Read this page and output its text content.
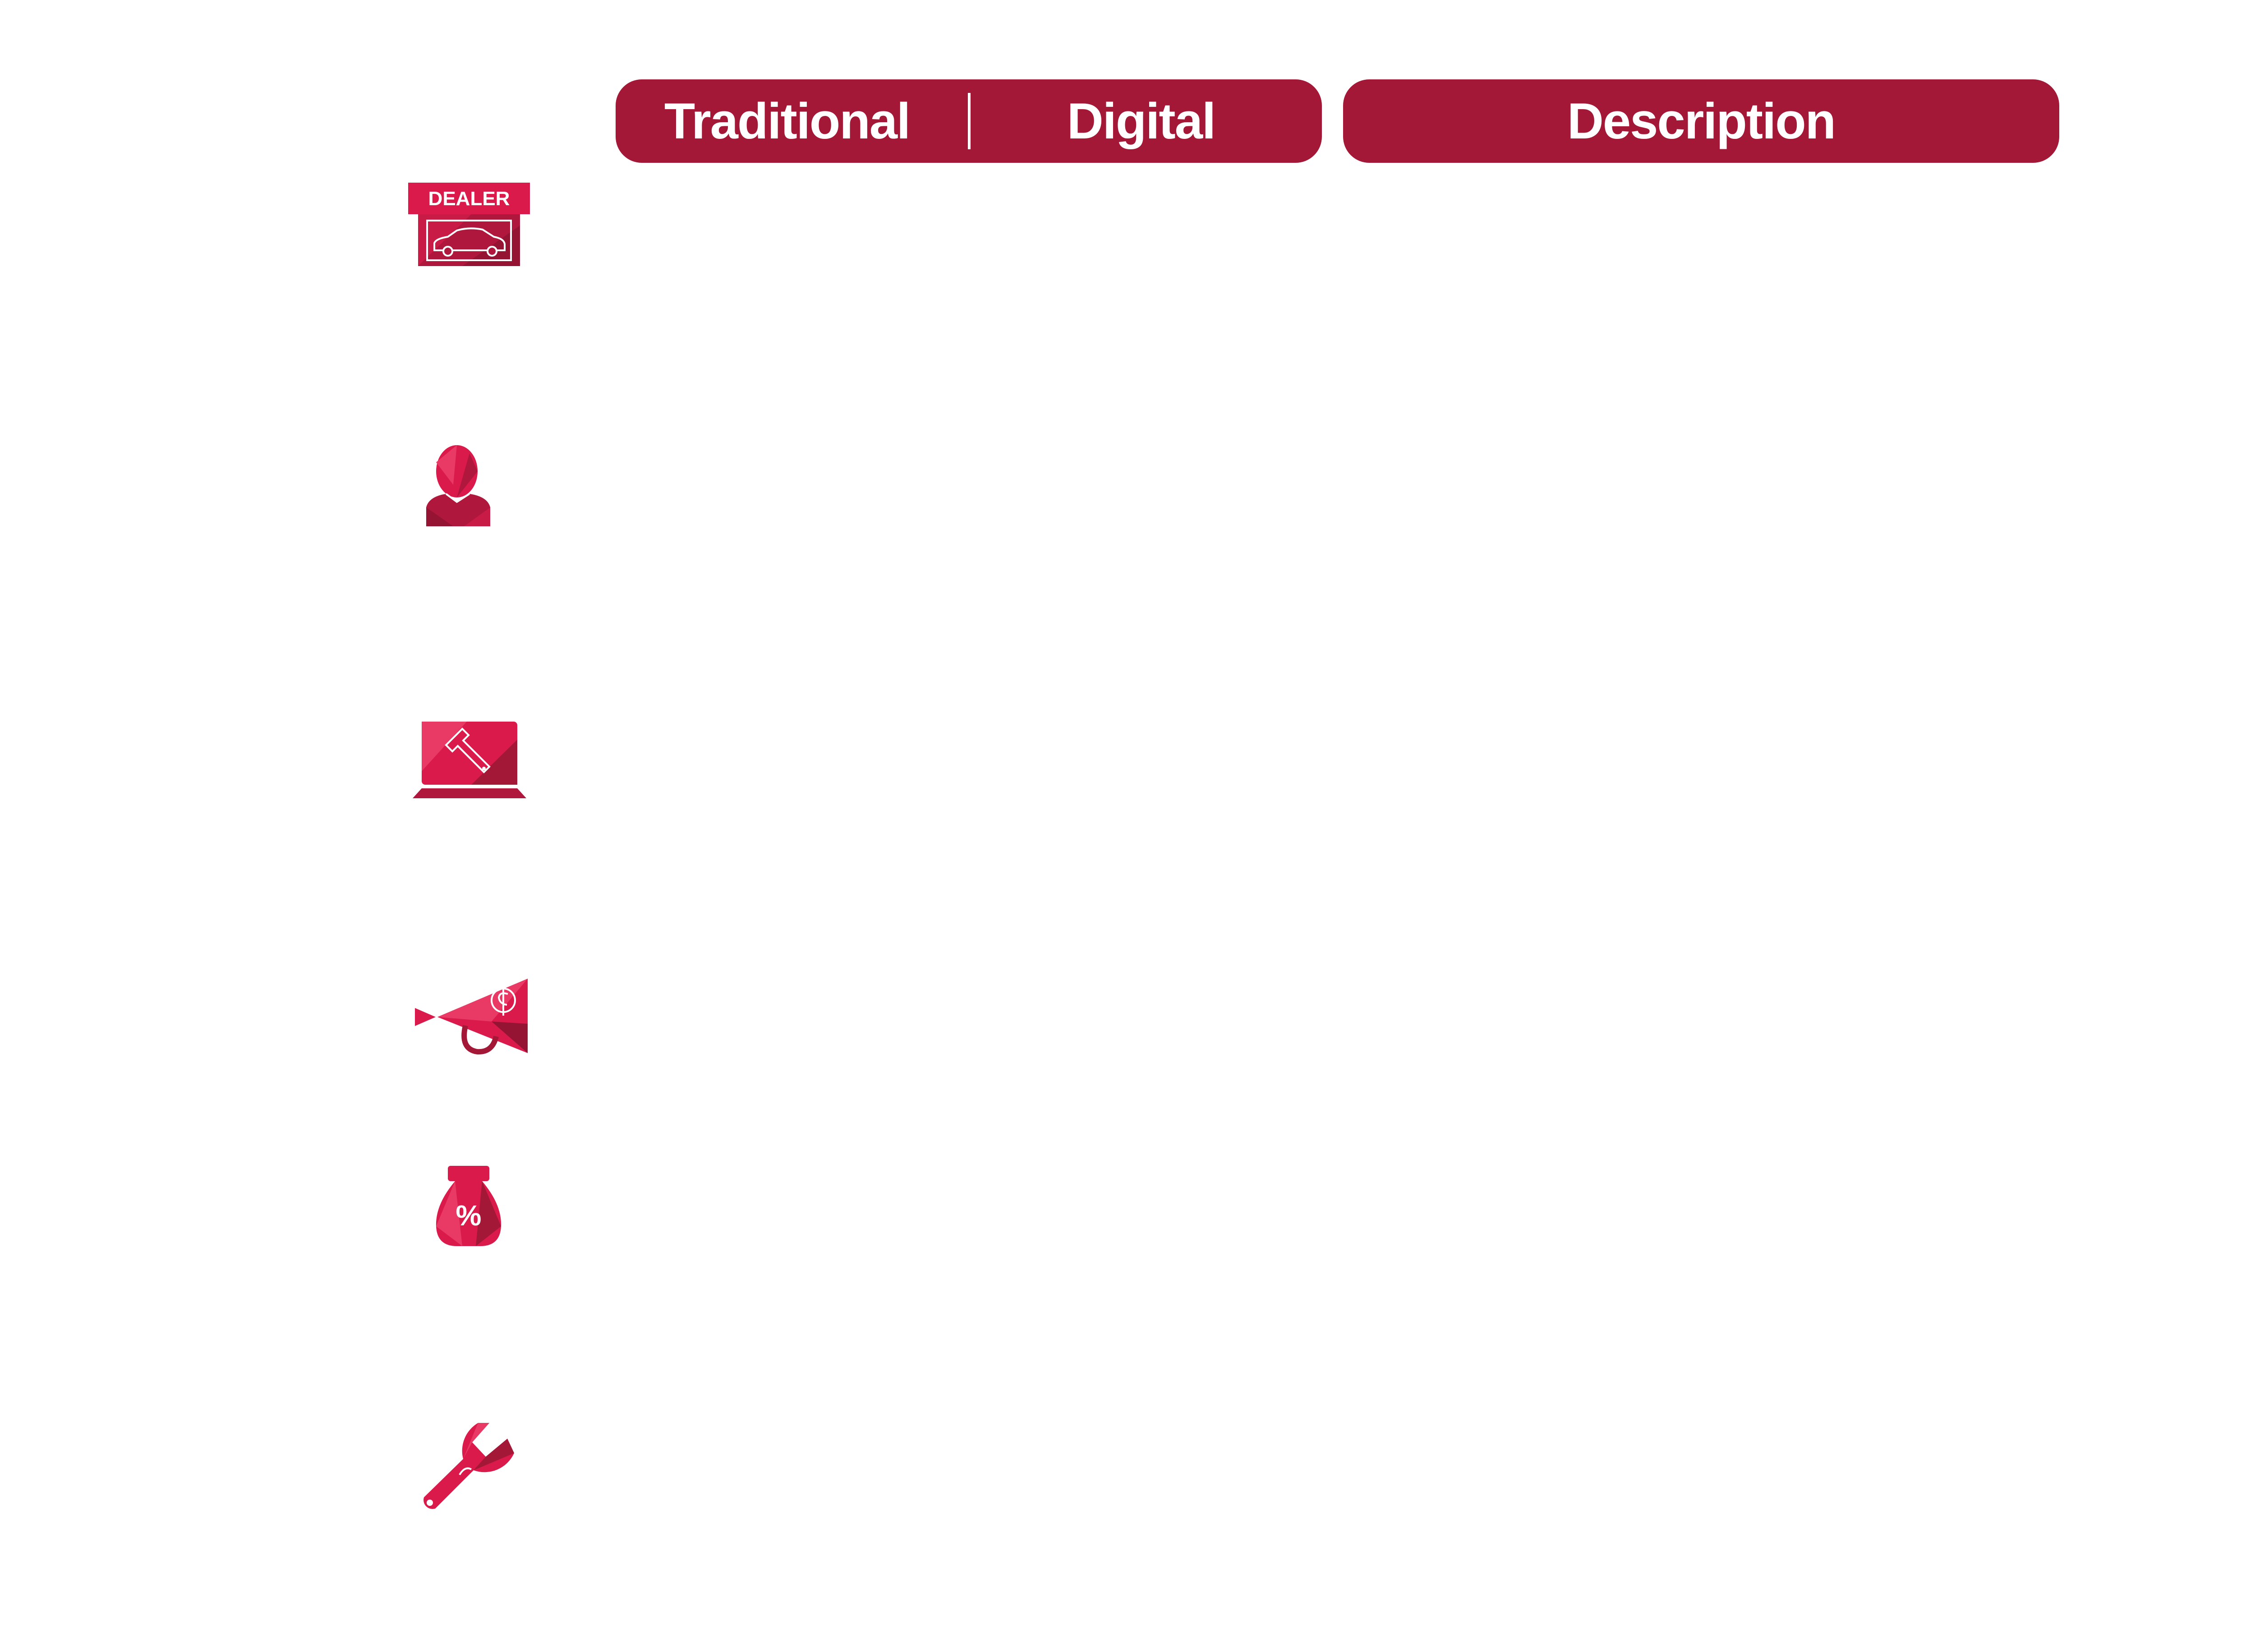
Traditional	Digital	Description
DEALER
%
